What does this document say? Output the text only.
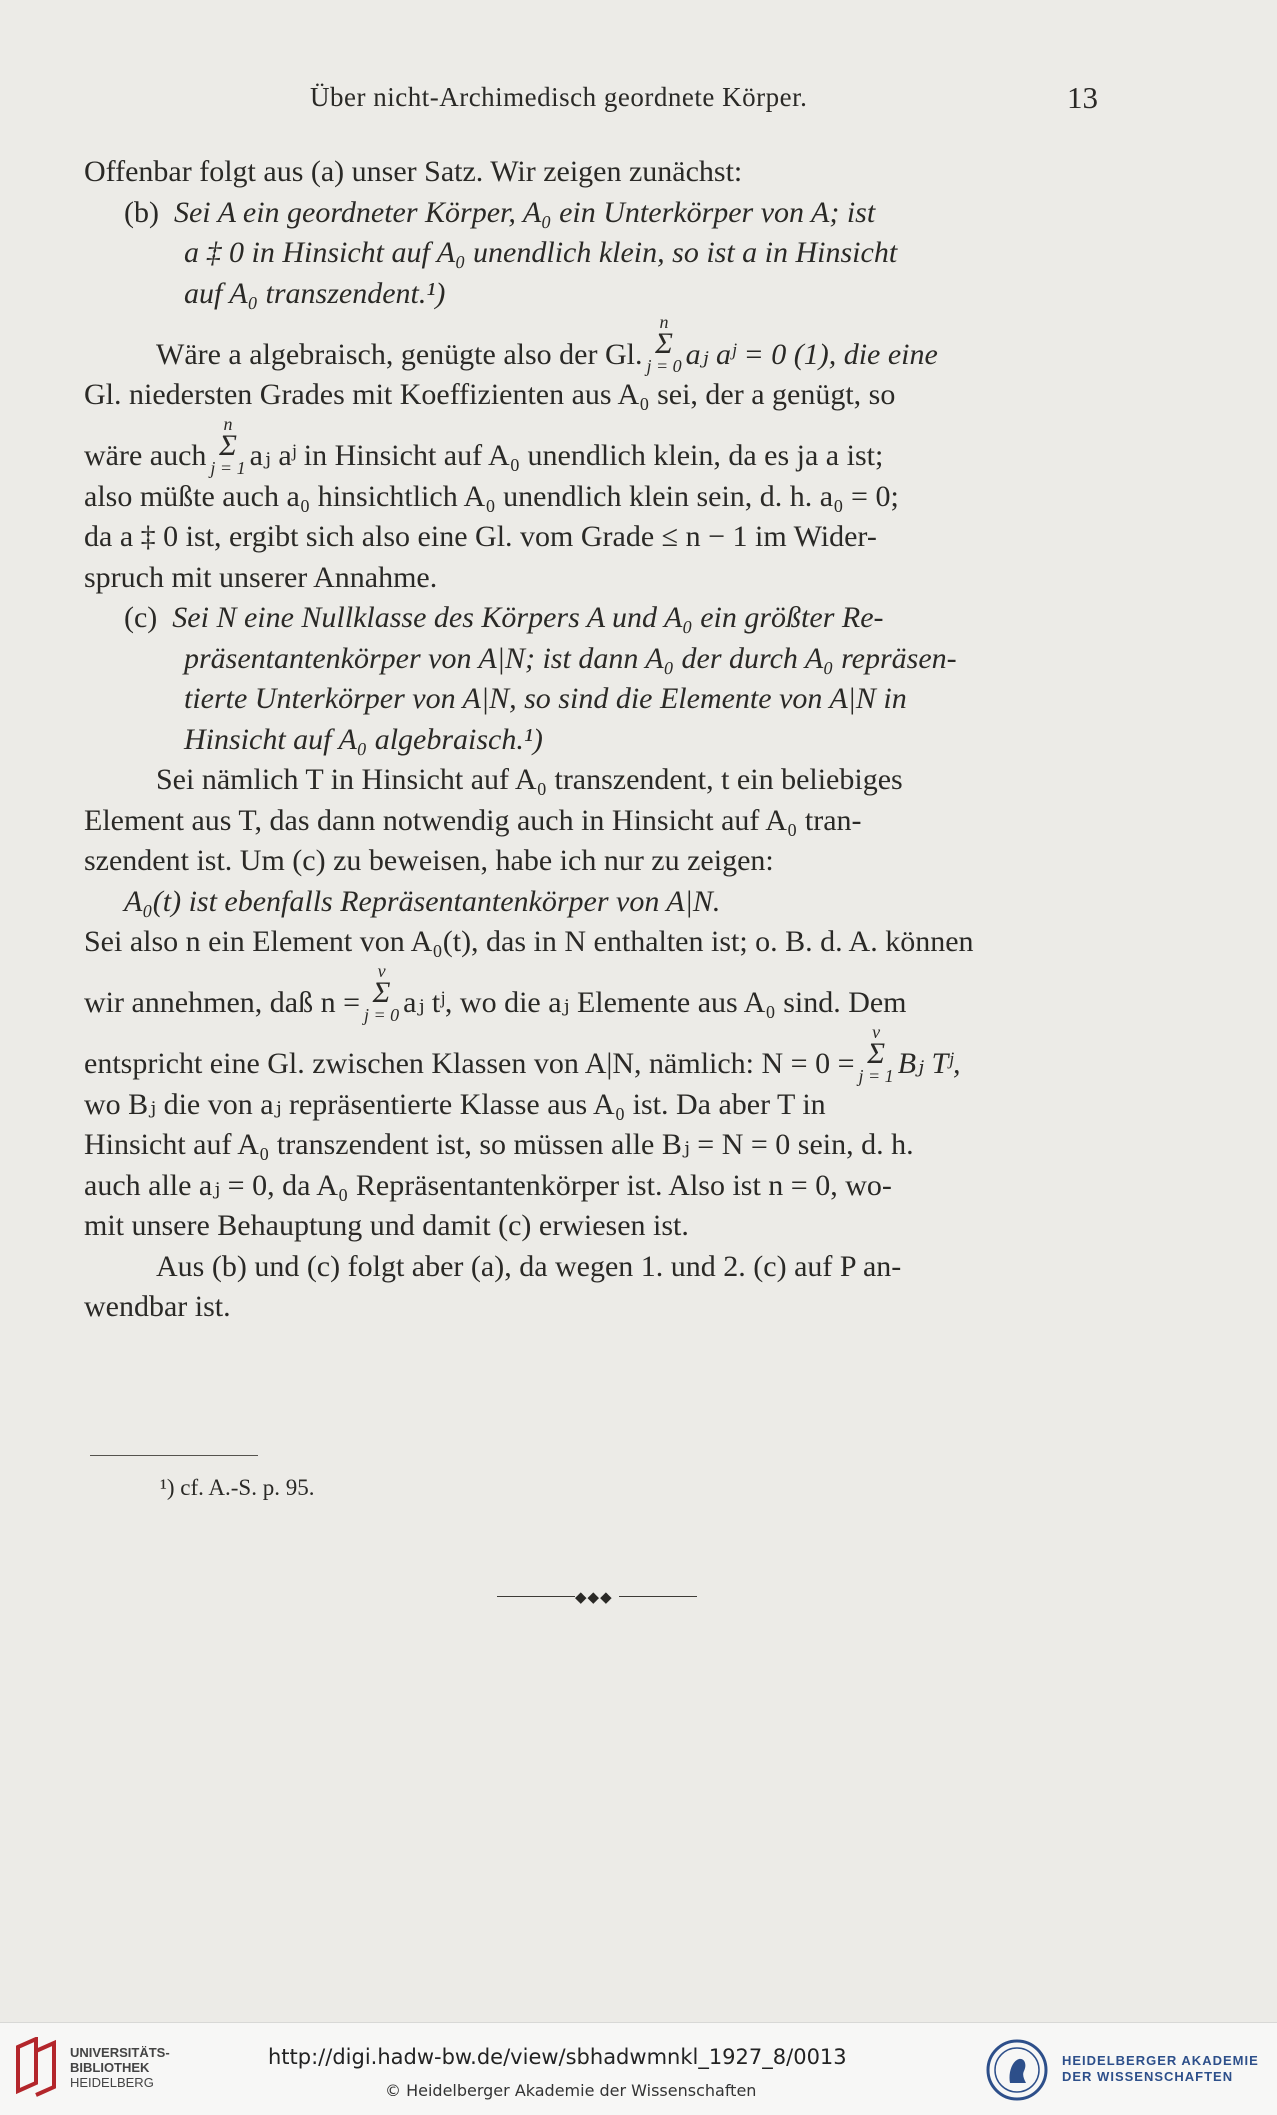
Über nicht-Archimedisch geordnete Körper.	13
Offenbar folgt aus (a) unser Satz. Wir zeigen zunächst:
(b)
Sei A ein geordneter Körper, A₀ ein Unterkörper von A; ist
a ‡ 0 in Hinsicht auf A₀ unendlich klein, so ist a in Hinsicht
auf A₀ transzendent.¹)
Wäre a algebraisch, genügte also der Gl.
n
Σ
j = 0 aⱼ aʲ = 0 (1), die eine
Gl. niedersten Grades mit Koeffizienten aus A₀ sei, der a genügt, so
wäre auch
n
Σ
j = 1 aⱼ aʲ in Hinsicht auf A₀ unendlich klein, da es ja a ist;
also müßte auch a₀ hinsichtlich A₀ unendlich klein sein, d. h. a₀ = 0;
da a ‡ 0 ist, ergibt sich also eine Gl. vom Grade ≤ n − 1 im Wider-
spruch mit unserer Annahme.
(c)
Sei N eine Nullklasse des Körpers A und A₀ ein größter Re-
präsentantenkörper von A|N; ist dann A₀ der durch A₀ repräsen-
tierte Unterkörper von A|N, so sind die Elemente von A|N in
Hinsicht auf A₀ algebraisch.¹)
Sei nämlich T in Hinsicht auf A₀ transzendent, t ein beliebiges
Element aus T, das dann notwendig auch in Hinsicht auf A₀ tran-
szendent ist. Um (c) zu beweisen, habe ich nur zu zeigen:
A₀(t) ist ebenfalls Repräsentantenkörper von A|N.
Sei also n ein Element von A₀(t), das in N enthalten ist; o. B. d. A. können
wir annehmen, daß n =
ν
Σ
j = 0 aⱼ tʲ, wo die aⱼ Elemente aus A₀ sind. Dem
entspricht eine Gl. zwischen Klassen von A|N, nämlich: N = 0 =
ν
Σ
j = 1 Bⱼ Tʲ,
wo Bⱼ die von aⱼ repräsentierte Klasse aus A₀ ist. Da aber T in
Hinsicht auf A₀ transzendent ist, so müssen alle Bⱼ = N = 0 sein, d. h.
auch alle aⱼ = 0, da A₀ Repräsentantenkörper ist. Also ist n = 0, wo-
mit unsere Behauptung und damit (c) erwiesen ist.
Aus (b) und (c) folgt aber (a), da wegen 1. und 2. (c) auf P an-
wendbar ist.
¹) cf. A.-S. p. 95.
◆◆◆
UNIVERSITÄTS-
BIBLIOTHEK
HEIDELBERG
http://digi.hadw-bw.de/view/sbhadwmnkl_1927_8/0013
© Heidelberger Akademie der Wissenschaften
HEIDELBERGER AKADEMIE
DER WISSENSCHAFTEN
